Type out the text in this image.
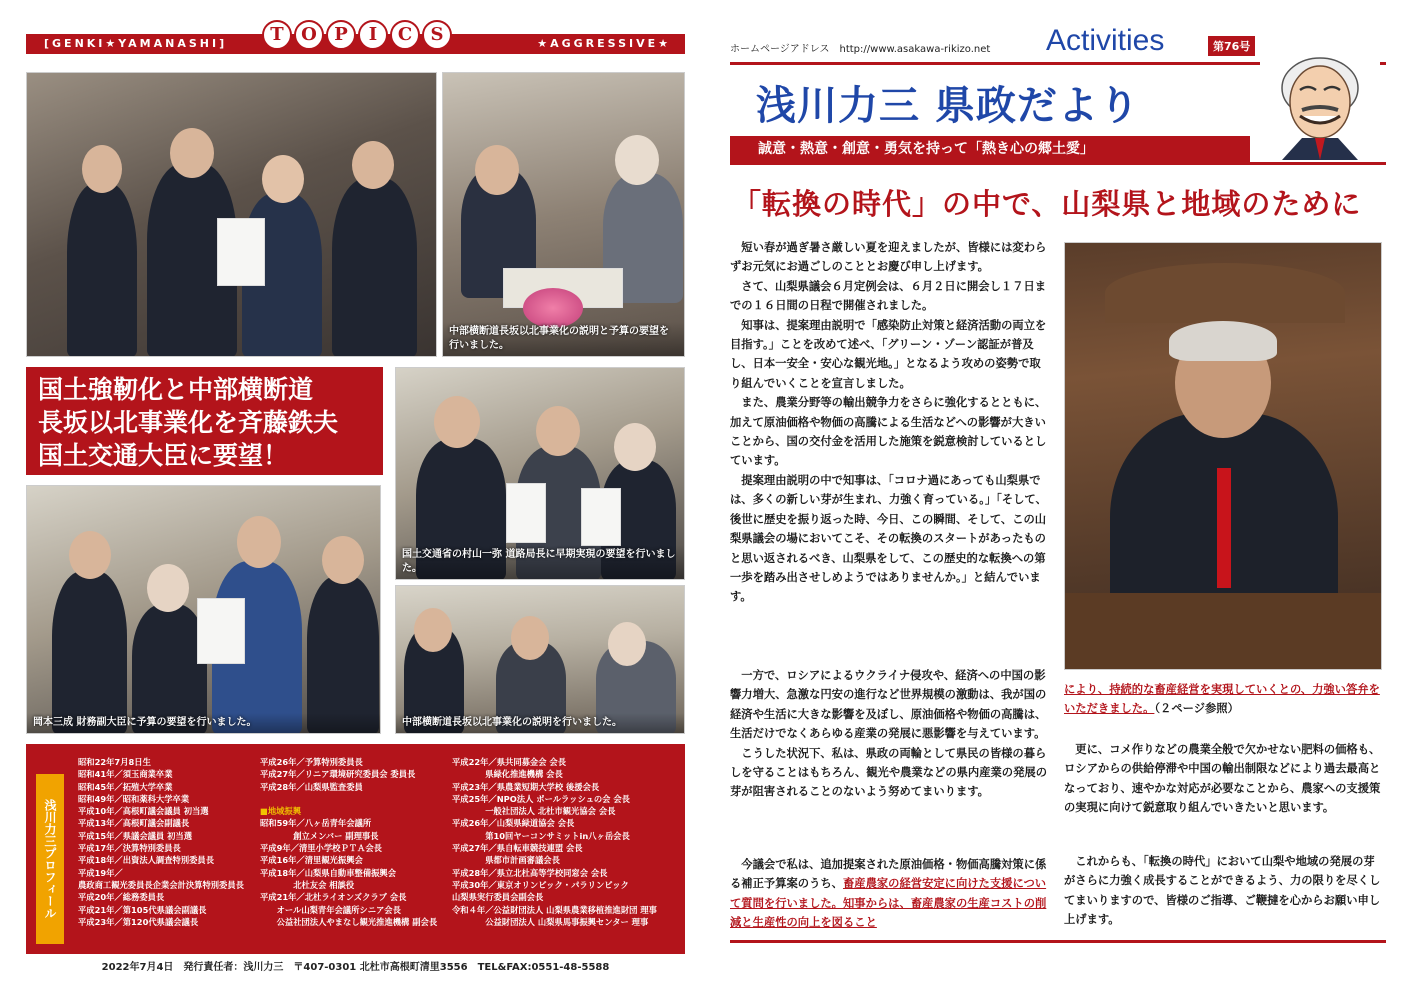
[GENKI★YAMANASHI]	★AGGRESSIVE★
T O P	I	C	S
中部横断道長坂以北事業化の説明と予算の要望を行いました。
国土強靭化と中部横断道
長坂以北事業化を斉藤鉄夫
国土交通大臣に要望！
国土交通省の村山一弥 道路局長に早期実現の要望を行いました。
岡本三成 財務副大臣に予算の要望を行いました。	中部横断道長坂以北事業化の説明を行いました。
浅川力三プロフィール
昭和22年7月8日生
昭和41年／須玉商業卒業
昭和45年／拓殖大学卒業
昭和49年／昭和薬科大学卒業
平成10年／高根町議会議員 初当選
平成13年／高根町議会副議長
平成15年／県議会議員 初当選
平成17年／決算特別委員長
平成18年／出資法人調査特別委員長
平成19年／
農政商工観光委員長企業会計決算特別委員長
平成20年／総務委員長
平成21年／第105代県議会副議長
平成23年／第120代県議会議長
平成26年／予算特別委員長
平成27年／リニア環境研究委員会 委員長
平成28年／山梨県監査委員

■地域振興
昭和59年／八ヶ岳青年会議所
　　　　創立メンバー 副理事長
平成9年／清里小学校ＰＴＡ会長
平成16年／清里観光振興会
平成18年／山梨県自動車整備振興会
　　　　北杜友会 相談役
平成21年／北杜ライオンズクラブ 会長
　　オール山梨青年会議所シニア会長
　　公益社団法人やまなし観光推進機構 副会長
平成22年／県共同募金会 会長
　　　　県緑化推進機構 会長
平成23年／県農業短期大学校 後援会長
平成25年／NPO法人 ポールラッシュの会 会長
　　　　一般社団法人 北杜市観光協会 会長
平成26年／山梨県緑道協会 会長
　　　　第10回ヤーコンサミットin八ヶ岳会長
平成27年／県自転車競技連盟 会長
　　　　県都市計画審議会長
平成28年／県立北杜高等学校同窓会 会長
平成30年／東京オリンピック・パラリンピック
山梨県実行委員会副会長
令和４年／公益財団法人 山梨県農業移植推進財団 理事
　　　　公益財団法人 山梨県馬事振興センター 理事
2022年7月4日　発行責任者：浅川力三　〒407-0301 北杜市高根町清里3556　TEL&FAX:0551-48-5588
ホームページアドレス　http://www.asakawa-rikizo.net Activities	第76号
浅川力三 県政だより
誠意・熱意・創意・勇気を持って「熱き心の郷土愛」
「転換の時代」の中で、山梨県と地域のために

短い春が過ぎ暑さ厳しい夏を迎えましたが、皆様には変わらずお元気にお過ごしのこととお慶び申し上げます。

さて、山梨県議会６月定例会は、６月２日に開会し１７日までの１６日間の日程で開催されました。

知事は、提案理由説明で「感染防止対策と経済活動の両立を目指す。」ことを改めて述べ、「グリーン・ゾーン認証が普及し、日本一安全・安心な観光地。」となるよう攻めの姿勢で取り組んでいくことを宣言しました。

また、農業分野等の輸出競争力をさらに強化するとともに、加えて原油価格や物価の高騰による生活などへの影響が大きいことから、国の交付金を活用した施策を鋭意検討しているとしています。

提案理由説明の中で知事は、「コロナ過にあっても山梨県では、多くの新しい芽が生まれ、力強く育っている。」「そして、後世に歴史を振り返った時、今日、この瞬間、そして、この山梨県議会の場においてこそ、その転換のスタートがあったものと思い返されるべき、山梨県をして、この歴史的な転換への第一歩を踏み出させしめようではありませんか。」と結んでいます。

一方で、ロシアによるウクライナ侵攻や、経済への中国の影響力増大、急激な円安の進行など世界規模の激動は、我が国の経済や生活に大きな影響を及ぼし、原油価格や物価の高騰は、生活だけでなくあらゆる産業の発展に悪影響を与えています。

こうした状況下、私は、県政の両輪として県民の皆様の暮らしを守ることはもちろん、観光や農業などの県内産業の発展の芽が阻害されることのないよう努めてまいります。

今議会で私は、追加提案された原油価格・物価高騰対策に係る補正予算案のうち、畜産農家の経営安定に向けた支援について質問を行いました。知事からは、畜産農家の生産コストの削減と生産性の向上を図ること

により、持続的な畜産経営を実現していくとの、力強い答弁をいただきました。（２ページ参照）

更に、コメ作りなどの農業全般で欠かせない肥料の価格も、ロシアからの供給停滞や中国の輸出制限などにより過去最高となっており、速やかな対応が必要なことから、農家への支援策の実現に向けて鋭意取り組んでいきたいと思います。

これからも、「転換の時代」において山梨や地域の発展の芽がさらに力強く成長することができるよう、力の限りを尽くしてまいりますので、皆様のご指導、ご鞭撻を心からお願い申し上げます。
